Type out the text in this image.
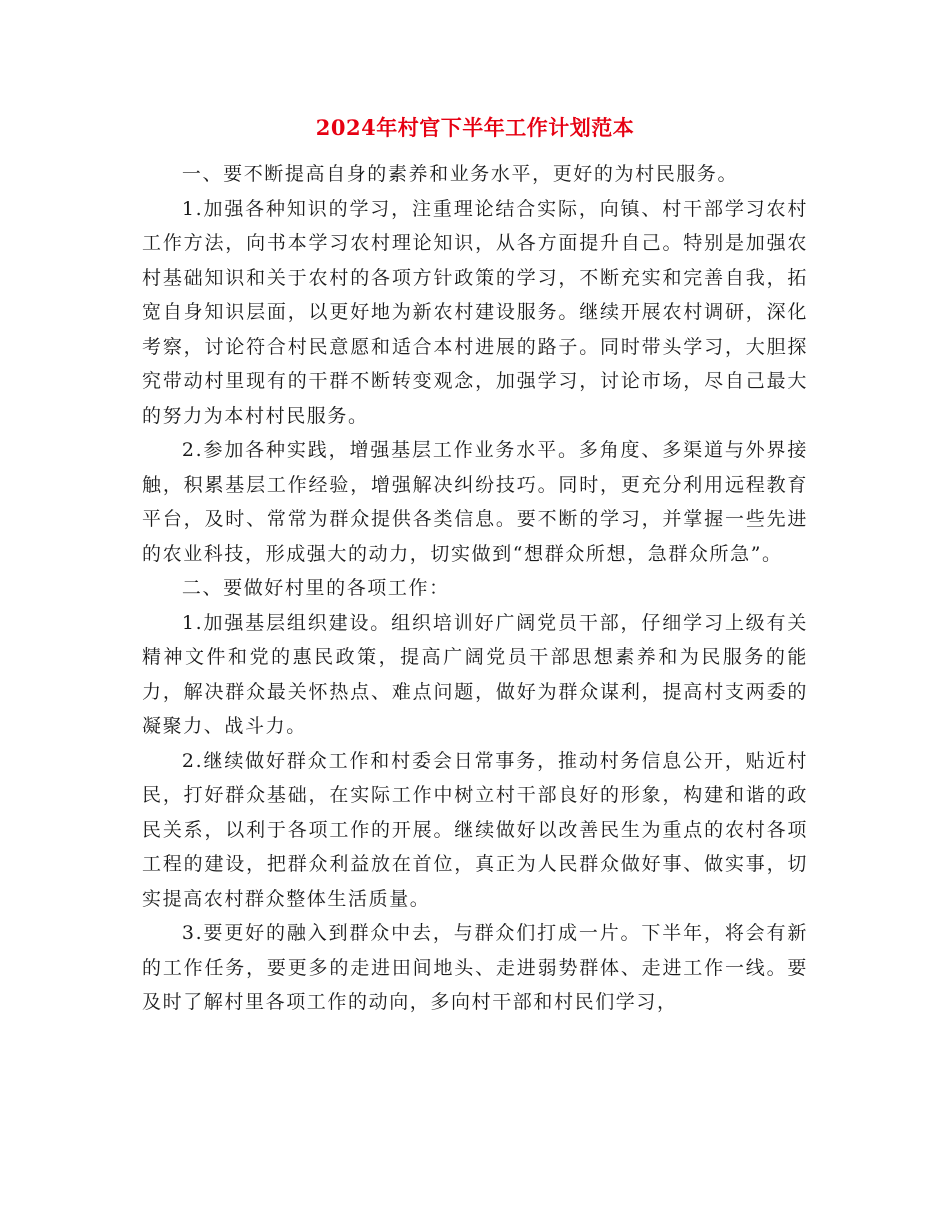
2024年村官下半年工作计划范本

一、要不断提高自身的素养和业务水平，更好的为村民服务。

1.加强各种知识的学习，注重理论结合实际，向镇、村干部学习农村工作方法，向书本学习农村理论知识，从各方面提升自己。特别是加强农村基础知识和关于农村的各项方针政策的学习，不断充实和完善自我，拓宽自身知识层面，以更好地为新农村建设服务。继续开展农村调研，深化考察，讨论符合村民意愿和适合本村进展的路子。同时带头学习，大胆探究带动村里现有的干群不断转变观念，加强学习，讨论市场，尽自己最大的努力为本村村民服务。

2.参加各种实践，增强基层工作业务水平。多角度、多渠道与外界接触，积累基层工作经验，增强解决纠纷技巧。同时，更充分利用远程教育平台，及时、常常为群众提供各类信息。要不断的学习，并掌握一些先进的农业科技，形成强大的动力，切实做到“想群众所想，急群众所急”。

二、要做好村里的各项工作：

1.加强基层组织建设。组织培训好广阔党员干部，仔细学习上级有关精神文件和党的惠民政策，提高广阔党员干部思想素养和为民服务的能力，解决群众最关怀热点、难点问题，做好为群众谋利，提高村支两委的凝聚力、战斗力。

2.继续做好群众工作和村委会日常事务，推动村务信息公开，贴近村民，打好群众基础，在实际工作中树立村干部良好的形象，构建和谐的政民关系，以利于各项工作的开展。继续做好以改善民生为重点的农村各项工程的建设，把群众利益放在首位，真正为人民群众做好事、做实事，切实提高农村群众整体生活质量。

3.要更好的融入到群众中去，与群众们打成一片。下半年，将会有新的工作任务，要更多的走进田间地头、走进弱势群体、走进工作一线。要及时了解村里各项工作的动向，多向村干部和村民们学习，
